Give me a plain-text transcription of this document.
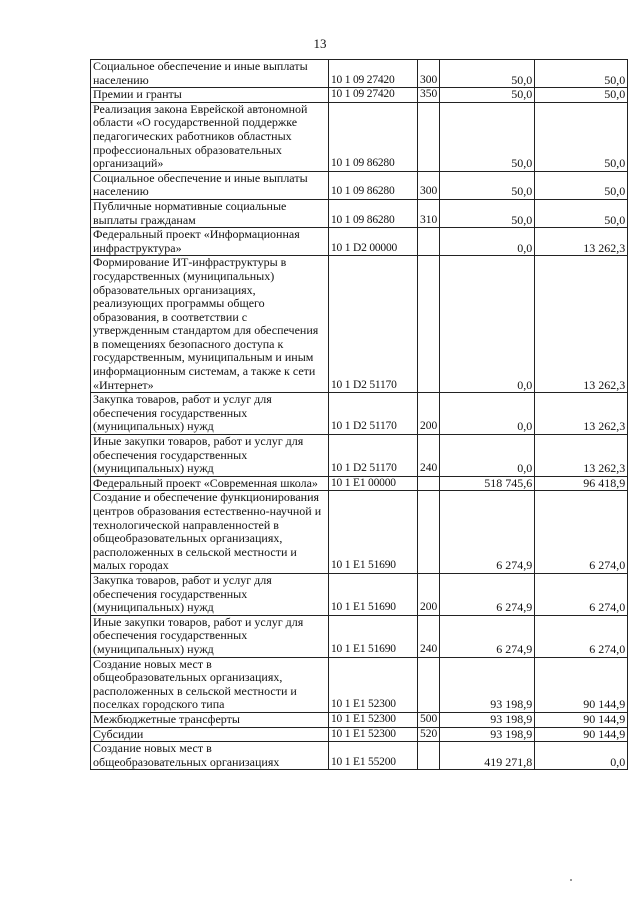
13
Социальное обеспечение и иные выплаты населению	10 1 09 27420	300	50,0	50,0
Премии и гранты	10 1 09 27420	350	50,0	50,0
Реализация закона Еврейской автономной области «О государственной поддержке педагогических работников областных профессиональных образовательных организаций»	10 1 09 86280		50,0	50,0
Социальное обеспечение и иные выплаты населению	10 1 09 86280	300	50,0	50,0
Публичные нормативные социальные выплаты гражданам	10 1 09 86280	310	50,0	50,0
Федеральный проект «Информационная инфраструктура»	10 1 D2 00000		0,0	13 262,3
Формирование ИТ-инфраструктуры в государственных (муниципальных) образовательных организациях, реализующих программы общего образования, в соответствии с утвержденным стандартом для обеспечения в помещениях безопасного доступа к государственным, муниципальным и иным информационным системам, а также к сети «Интернет»	10 1 D2 51170		0,0	13 262,3
Закупка товаров, работ и услуг для обеспечения государственных (муниципальных) нужд	10 1 D2 51170	200	0,0	13 262,3
Иные закупки товаров, работ и услуг для обеспечения государственных (муниципальных) нужд	10 1 D2 51170	240	0,0	13 262,3
Федеральный проект «Современная школа»	10 1 E1 00000		518 745,6	96 418,9
Создание и обеспечение функционирования центров образования естественно-научной и технологической направленностей в общеобразовательных организациях, расположенных в сельской местности и малых городах	10 1 E1 51690		6 274,9	6 274,0
Закупка товаров, работ и услуг для обеспечения государственных (муниципальных) нужд	10 1 E1 51690	200	6 274,9	6 274,0
Иные закупки товаров, работ и услуг для обеспечения государственных (муниципальных) нужд	10 1 E1 51690	240	6 274,9	6 274,0
Создание новых мест в общеобразовательных организациях, расположенных в сельской местности и поселках городского типа	10 1 E1 52300		93 198,9	90 144,9
Межбюджетные трансферты	10 1 E1 52300	500	93 198,9	90 144,9
Субсидии	10 1 E1 52300	520	93 198,9	90 144,9
Создание новых мест в общеобразовательных организациях	10 1 E1 55200		419 271,8	0,0
